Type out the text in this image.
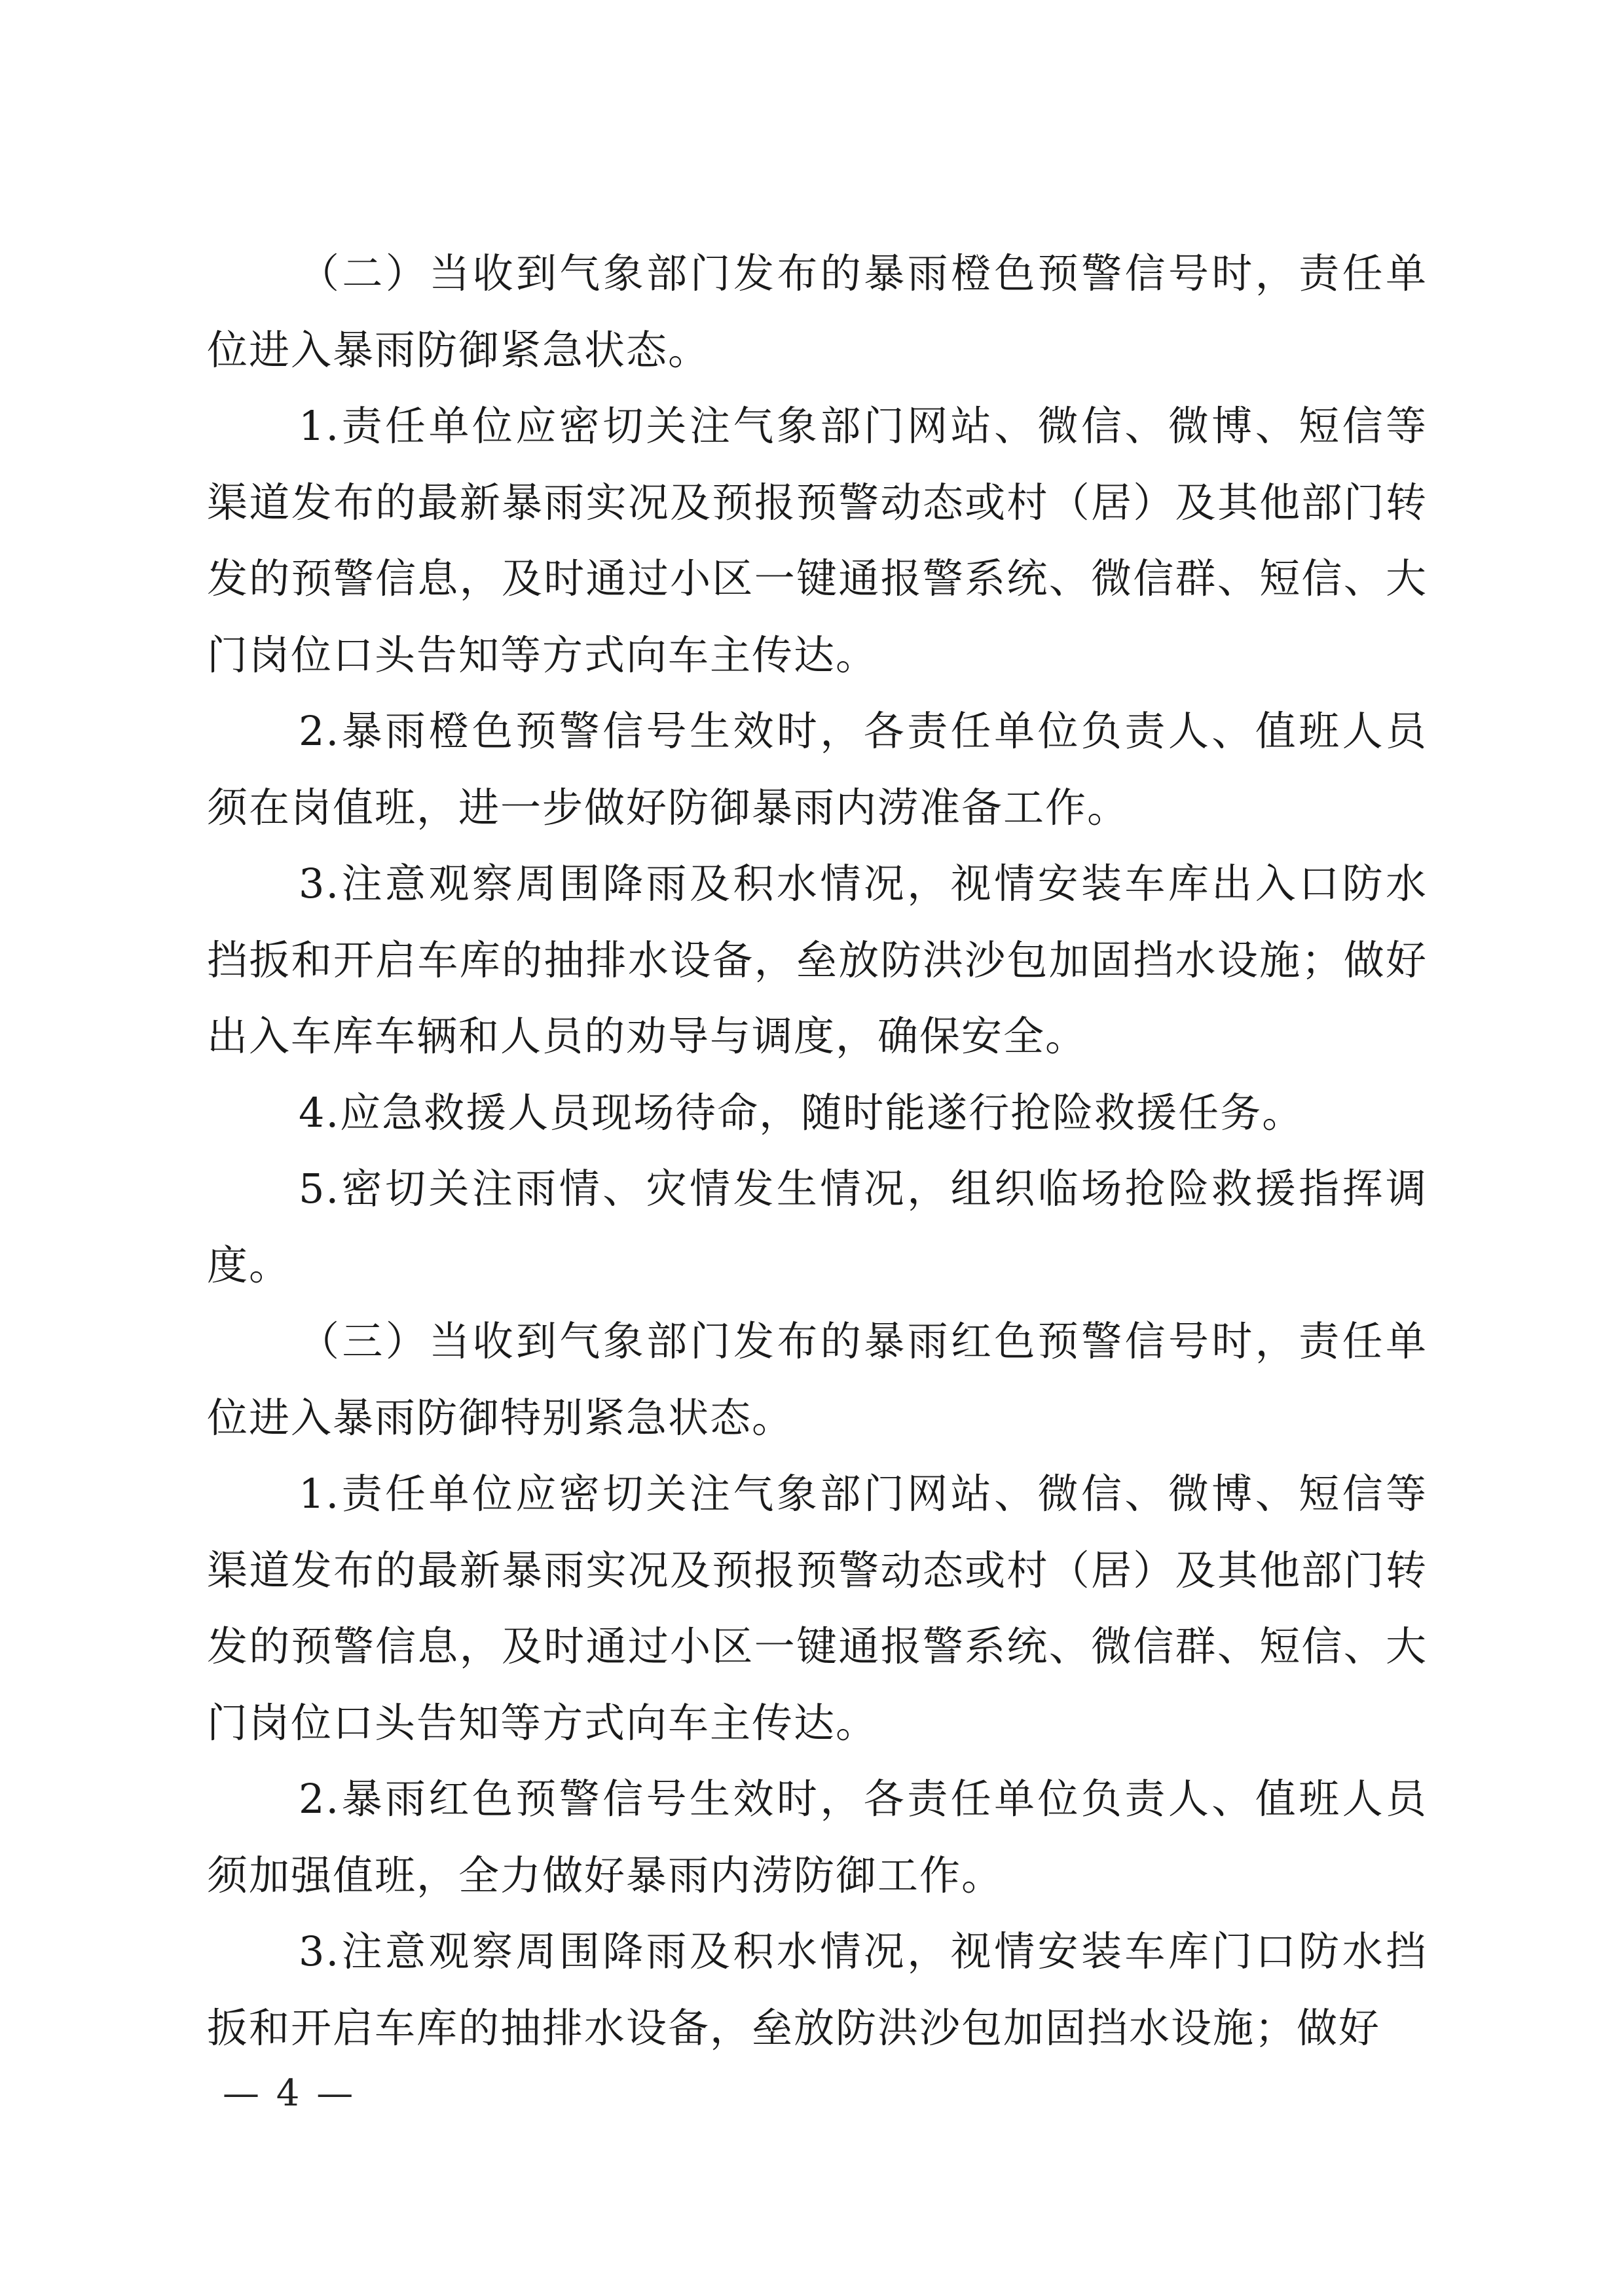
（二）当收到气象部门发布的暴雨橙色预警信号时，责任单位进入暴雨防御紧急状态。

1.责任单位应密切关注气象部门网站、微信、微博、短信等渠道发布的最新暴雨实况及预报预警动态或村（居）及其他部门转发的预警信息，及时通过小区一键通报警系统、微信群、短信、大门岗位口头告知等方式向车主传达。

2.暴雨橙色预警信号生效时，各责任单位负责人、值班人员须在岗值班，进一步做好防御暴雨内涝准备工作。

3.注意观察周围降雨及积水情况，视情安装车库出入口防水挡扳和开启车库的抽排水设备，垒放防洪沙包加固挡水设施；做好出入车库车辆和人员的劝导与调度，确保安全。

4.应急救援人员现场待命，随时能遂行抢险救援任务。

5.密切关注雨情、灾情发生情况，组织临场抢险救援指挥调度。

（三）当收到气象部门发布的暴雨红色预警信号时，责任单位进入暴雨防御特别紧急状态。

1.责任单位应密切关注气象部门网站、微信、微博、短信等渠道发布的最新暴雨实况及预报预警动态或村（居）及其他部门转发的预警信息，及时通过小区一键通报警系统、微信群、短信、大门岗位口头告知等方式向车主传达。

2.暴雨红色预警信号生效时，各责任单位负责人、值班人员须加强值班，全力做好暴雨内涝防御工作。

3.注意观察周围降雨及积水情况，视情安装车库门口防水挡扳和开启车库的抽排水设备，垒放防洪沙包加固挡水设施；做好

— 4 —
